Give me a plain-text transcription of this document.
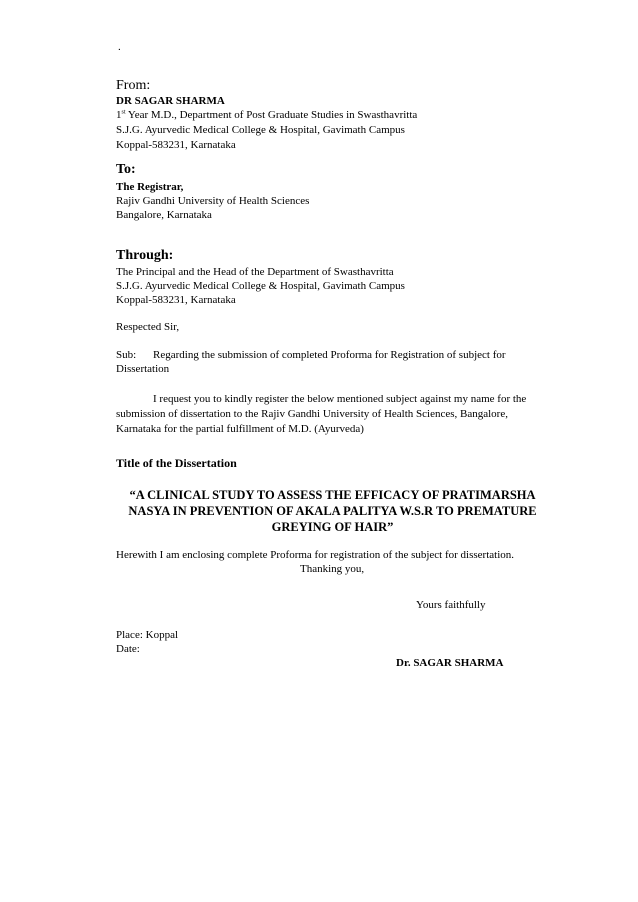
.
From:
DR SAGAR SHARMA
1st Year M.D., Department of Post Graduate Studies in Swasthavritta
S.J.G. Ayurvedic Medical College & Hospital, Gavimath Campus
Koppal-583231, Karnataka
To:
The Registrar,
Rajiv Gandhi University of Health Sciences
Bangalore, Karnataka
Through:
The Principal and the Head of the Department of Swasthavritta
S.J.G. Ayurvedic Medical College & Hospital, Gavimath Campus
Koppal-583231, Karnataka
Respected Sir,
Sub: Regarding the submission of completed Proforma for Registration of subject for
Dissertation
I request you to kindly register the below mentioned subject against my name for the
submission of dissertation to the Rajiv Gandhi University of Health Sciences, Bangalore,
Karnataka for the partial fulfillment of M.D. (Ayurveda)
Title of the Dissertation
“A CLINICAL STUDY TO ASSESS THE EFFICACY OF PRATIMARSHA
NASYA IN PREVENTION OF AKALA PALITYA W.S.R TO PREMATURE
GREYING OF HAIR”
Herewith I am enclosing complete Proforma for registration of the subject for dissertation.
Thanking you,
Yours faithfully
Place: Koppal
Date:
Dr. SAGAR SHARMA
